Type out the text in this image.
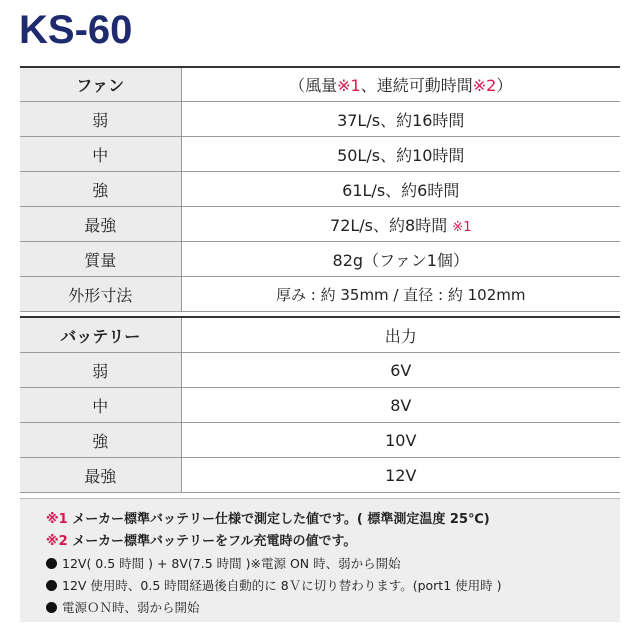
KS-60
ファン	（風量※1、連続可動時間※2）
弱	37L/s、約16時間
中	50L/s、約10時間
強	61L/s、約6時間
最強	72L/s、約8時間 ※1
質量	82g（ファン1個）
外形寸法	厚み : 約 35mm / 直径 : 約 102mm
バッテリー	出力
弱	6V
中	8V
強	10V
最強	12V
※1 メーカー標準バッテリー仕様で測定した値です。( 標準測定温度 25℃)
※2 メーカー標準バッテリーをフル充電時の値です。
12V( 0.5 時間 ) + 8V(7.5 時間 )※電源 ON 時、弱から開始
12V 使用時、0.5 時間経過後自動的に 8Ｖに切り替わります。(port1 使用時 )
電源ＯＮ時、弱から開始
